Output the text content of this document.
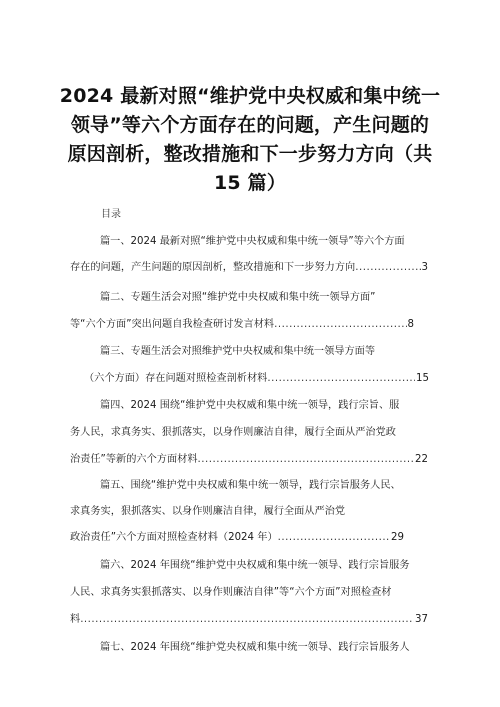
2024 最新对照“维护党中央权威和集中统一
领导”等六个方面存在的问题，产生问题的
原因剖析，整改措施和下一步努力方向（共
15 篇）
目录
篇一、2024 最新对照“维护党中央权威和集中统一领导”等六个方面
存在的问题，产生问题的原因剖析，整改措施和下一步努力方向 .....	3
篇二、专题生活会对照“维护党中央权威和集中统一领导方面”
等“六个方面”突出问题自我检查研讨发言材料 .....	8
篇三、专题生活会对照维护党中央权威和集中统一领导方面等
（六个方面）存在问题对照检查剖析材料 .....	15
篇四、2024 围绕“维护党中央权威和集中统一领导，践行宗旨、服
务人民，求真务实、狠抓落实，以身作则廉洁自律，履行全面从严治党政
治责任”等新的六个方面材料 .....	22
篇五、围绕“维护党中央权威和集中统一领导，践行宗旨服务人民、
求真务实，狠抓落实、以身作则廉洁自律，履行全面从严治党
政治责任”六个方面对照检查材料（2024 年） .....	29
篇六、2024 年围绕“维护党中央权威和集中统一领导、践行宗旨服务
人民、求真务实狠抓落实、以身作则廉洁自律”等“六个方面”对照检查材
料 .....	37
篇七、2024 年围绕“维护党央权威和集中统一领导、践行宗旨服务人
